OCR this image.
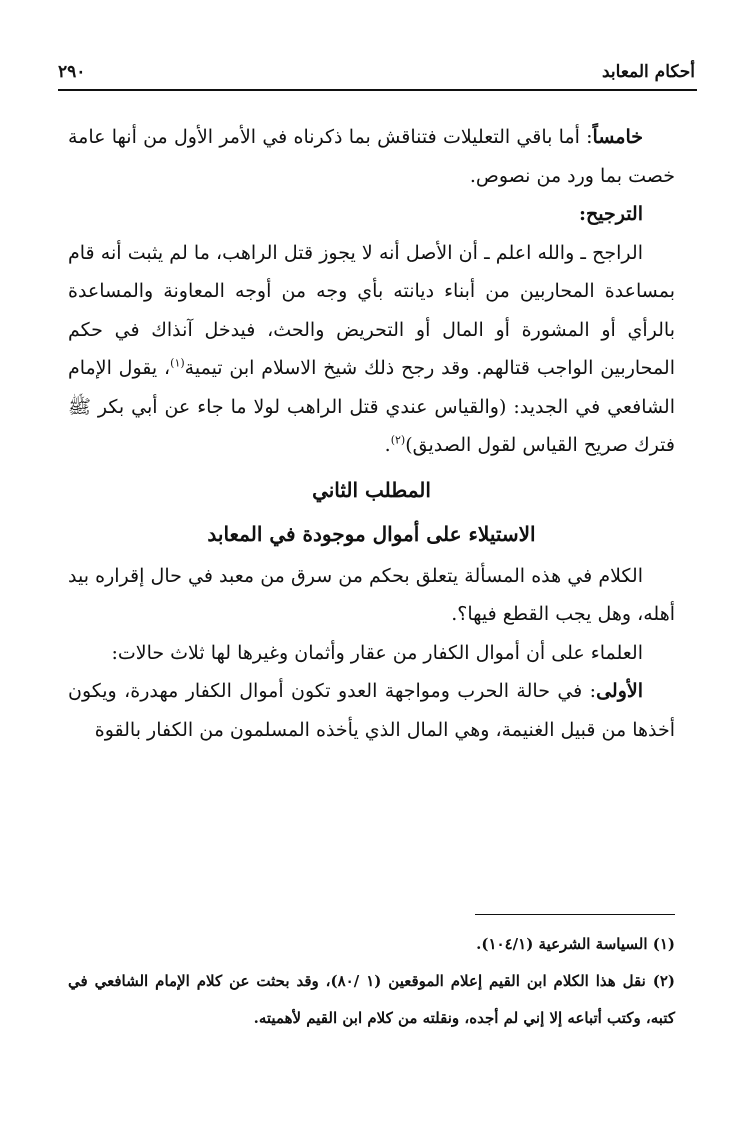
٢٩٠	أحكام المعابد

خامساً: أما باقي التعليلات فتناقش بما ذكرناه في الأمر الأول من أنها عامة خصت بما ورد من نصوص.

الترجيح:

الراجح ـ والله اعلم ـ أن الأصل أنه لا يجوز قتل الراهب، ما لم يثبت أنه قام بمساعدة المحاربين من أبناء ديانته بأي وجه من أوجه المعاونة والمساعدة بالرأي أو المشورة أو المال أو التحريض والحث، فيدخل آنذاك في حكم المحاربين الواجب قتالهم. وقد رجح ذلك شيخ الاسلام ابن تيمية$^{(١)}$، يقول الإمام الشافعي في الجديد: (والقياس عندي قتل الراهب لولا ما جاء عن أبي بكر ﷺ فترك صريح القياس لقول الصديق)$^{(٢)}$.

المطلب الثاني
الاستيلاء على أموال موجودة في المعابد

الكلام في هذه المسألة يتعلق بحكم من سرق من معبد في حال إقراره بيد أهله، وهل يجب القطع فيها؟.

العلماء على أن أموال الكفار من عقار وأثمان وغيرها لها ثلاث حالات:

الأولى: في حالة الحرب ومواجهة العدو تكون أموال الكفار مهدرة، ويكون أخذها من قبيل الغنيمة، وهي المال الذي يأخذه المسلمون من الكفار بالقوة

(١) السياسة الشرعية (١٠٤/١).

(٢) نقل هذا الكلام ابن القيم إعلام الموقعين (١ /٨٠)، وقد بحثت عن كلام الإمام الشافعي في كتبه، وكتب أتباعه إلا إني لم أجده، ونقلته من كلام ابن القيم لأهميته.
